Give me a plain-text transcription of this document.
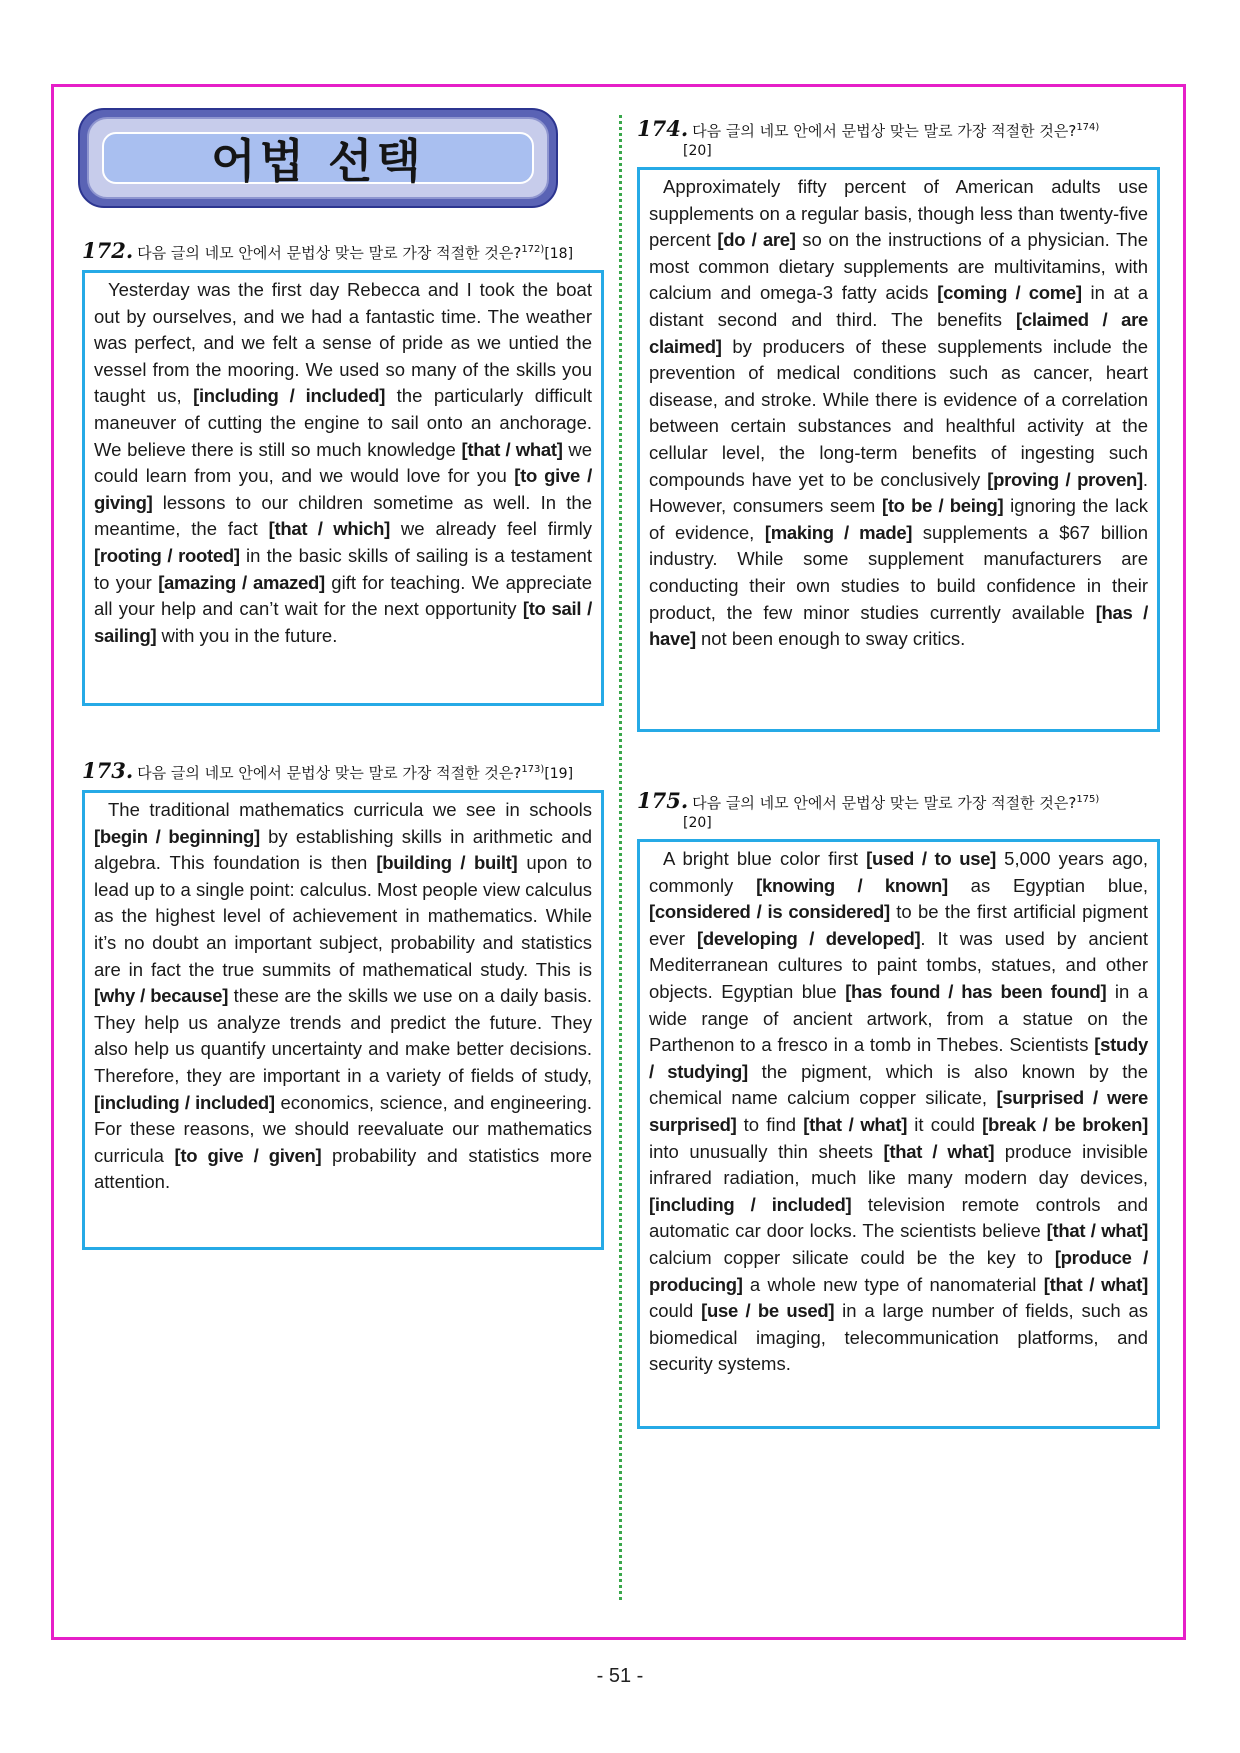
어법 선택
172. 다음 글의 네모 안에서 문법상 맞는 말로 가장 적절한 것은?$^{172)}$[18]
Yesterday was the first day Rebecca and I took the boat out by ourselves, and we had a fantastic time. The weather was perfect, and we felt a sense of pride as we untied the vessel from the mooring. We used so many of the skills you taught us, [including / included] the particularly difficult maneuver of cutting the engine to sail onto an anchorage. We believe there is still so much knowledge [that / what] we could learn from you, and we would love for you [to give / giving] lessons to our children sometime as well. In the meantime, the fact [that / which] we already feel firmly [rooting / rooted] in the basic skills of sailing is a testament to your [amazing / amazed] gift for teaching. We appreciate all your help and can’t wait for the next opportunity [to sail / sailing] with you in the future.
173. 다음 글의 네모 안에서 문법상 맞는 말로 가장 적절한 것은?$^{173)}$[19]
The traditional mathematics curricula we see in schools [begin / beginning] by establishing skills in arithmetic and algebra. This foundation is then [building / built] upon to lead up to a single point: calculus. Most people view calculus as the highest level of achievement in mathematics. While it’s no doubt an important subject, probability and statistics are in fact the true summits of mathematical study. This is [why / because] these are the skills we use on a daily basis. They help us analyze trends and predict the future. They also help us quantify uncertainty and make better decisions. Therefore, they are important in a variety of fields of study, [including / included] economics, science, and engineering. For these reasons, we should reevaluate our mathematics curricula [to give / given] probability and statistics more attention.
174. 다음 글의 네모 안에서 문법상 맞는 말로 가장 적절한 것은?$^{174)}$
[20]
Approximately fifty percent of American adults use supplements on a regular basis, though less than twenty-five percent [do / are] so on the instructions of a physician. The most common dietary supplements are multivitamins, with calcium and omega-3 fatty acids [coming / come] in at a distant second and third. The benefits [claimed / are claimed] by producers of these supplements include the prevention of medical conditions such as cancer, heart disease, and stroke. While there is evidence of a correlation between certain substances and healthful activity at the cellular level, the long-term benefits of ingesting such compounds have yet to be conclusively [proving / proven]. However, consumers seem [to be / being] ignoring the lack of evidence, [making / made] supplements a $67 billion industry. While some supplement manufacturers are conducting their own studies to build confidence in their product, the few minor studies currently available [has / have] not been enough to sway critics.
175. 다음 글의 네모 안에서 문법상 맞는 말로 가장 적절한 것은?$^{175)}$
[20]
A bright blue color first [used / to use] 5,000 years ago, commonly [knowing / known] as Egyptian blue, [considered / is considered] to be the first artificial pigment ever [developing / developed]. It was used by ancient Mediterranean cultures to paint tombs, statues, and other objects. Egyptian blue [has found / has been found] in a wide range of ancient artwork, from a statue on the Parthenon to a fresco in a tomb in Thebes. Scientists [study / studying] the pigment, which is also known by the chemical name calcium copper silicate, [surprised / were surprised] to find [that / what] it could [break / be broken] into unusually thin sheets [that / what] produce invisible infrared radiation, much like many modern day devices, [including / included] television remote controls and automatic car door locks. The scientists believe [that / what] calcium copper silicate could be the key to [produce / producing] a whole new type of nanomaterial [that / what] could [use / be used] in a large number of fields, such as biomedical imaging, telecommunication platforms, and security systems.
- 51 -
